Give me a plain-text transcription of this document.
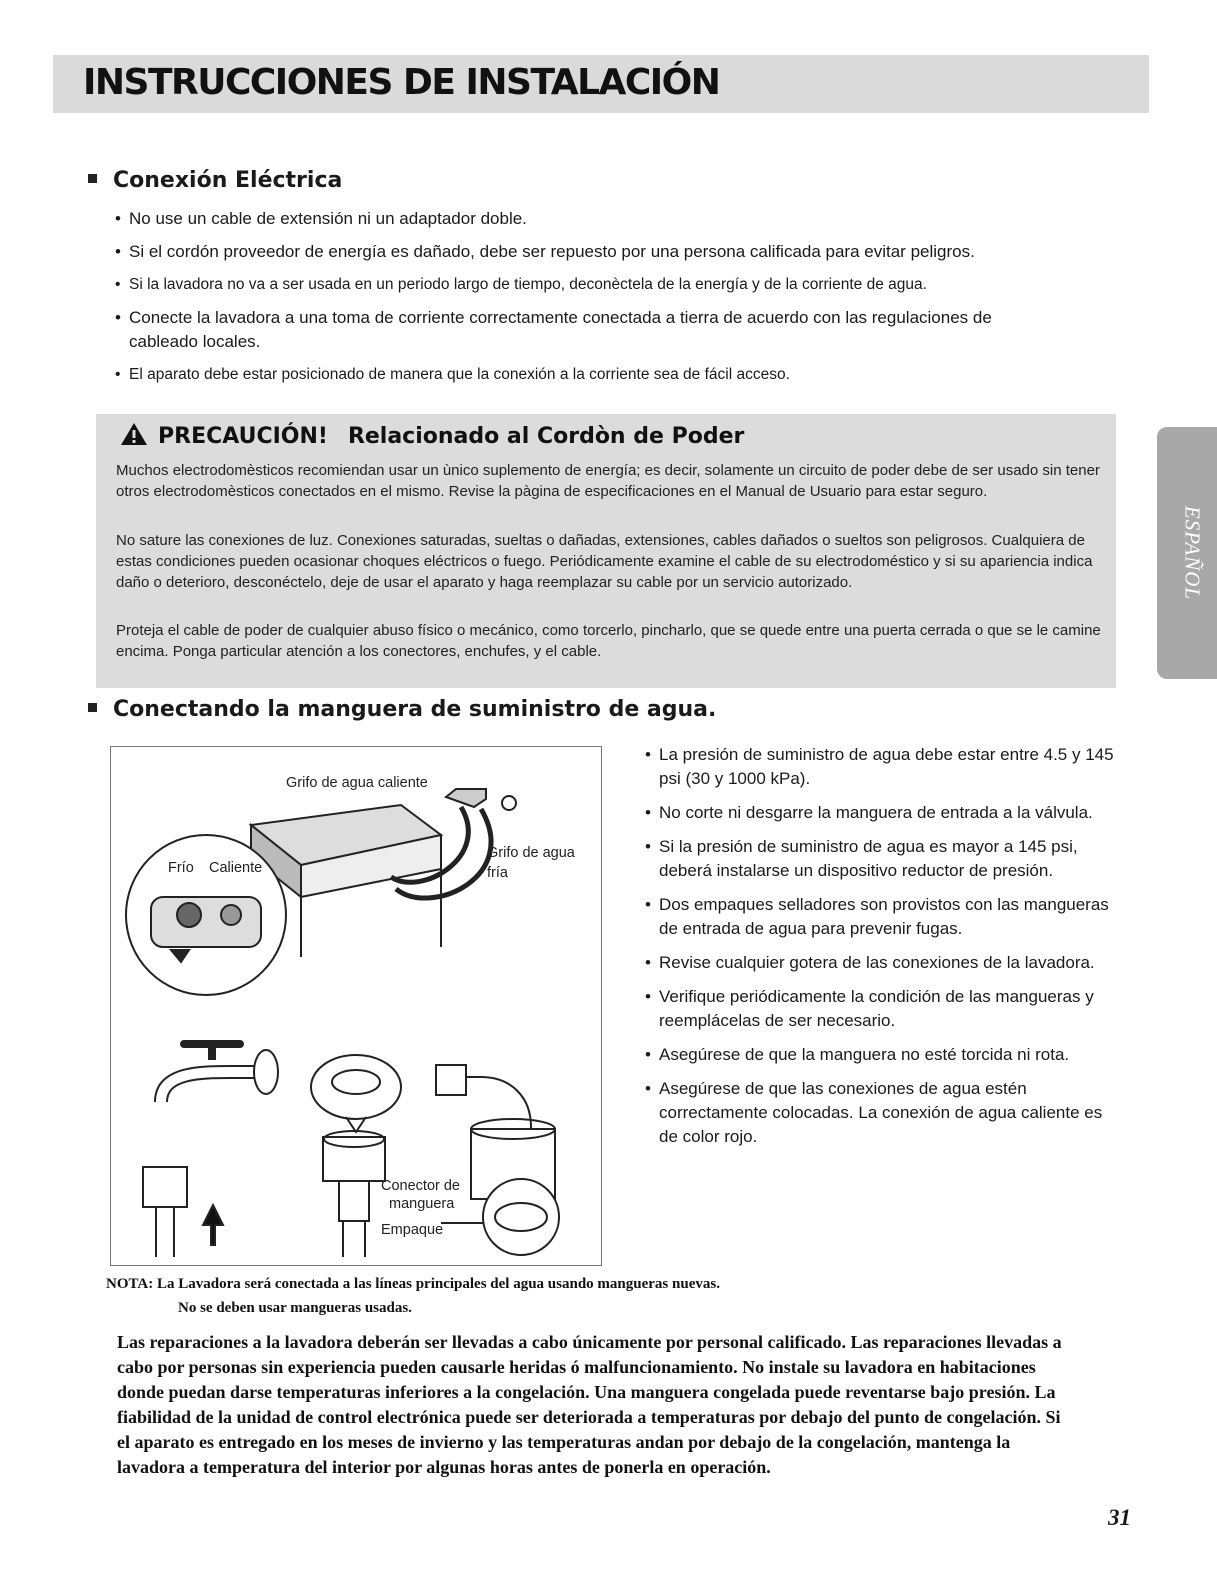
INSTRUCCIONES DE INSTALACIÓN
Conexión Eléctrica
• No use un cable de extensión ni un adaptador doble.
• Si el cordón proveedor de energía es dañado, debe ser repuesto por una persona calificada para evitar peligros.
• Si la lavadora no va a ser usada en un periodo largo de tiempo, deconèctela de la energía y de la corriente de agua.
• Conecte la lavadora a una toma de corriente correctamente conectada a tierra de acuerdo con las regulaciones de cableado locales.
• El aparato debe estar posicionado de manera que la conexión a la corriente sea de fácil acceso.
PRECAUCIÓN! Relacionado al Cordòn de Poder

Muchos electrodomèsticos recomiendan usar un ùnico suplemento de energía; es decir, solamente un circuito de poder debe de ser usado sin tener otros electrodomèsticos conectados en el mismo. Revise la pàgina de especificaciones en el Manual de Usuario para estar seguro.

No sature las conexiones de luz. Conexiones saturadas, sueltas o dañadas, extensiones, cables dañados o sueltos son peligrosos. Cualquiera de estas condiciones pueden ocasionar choques eléctricos o fuego. Periódicamente examine el cable de su electrodoméstico y si su apariencia indica daño o deterioro, desconéctelo, deje de usar el aparato y haga reemplazar su cable por un servicio autorizado.

Proteja el cable de poder de cualquier abuso físico o mecánico, como torcerlo, pincharlo, que se quede entre una puerta cerrada o que se le camine encima. Ponga particular atención a los conectores, enchufes, y el cable.

ESPAÑOL
Conectando la manguera de suministro de agua.
Grifo de agua caliente
Grifo de agua
fría
Frío Caliente
Conector de
manguera
Empaque
• La presión de suministro de agua debe estar entre 4.5 y 145 psi (30 y 1000 kPa).
• No corte ni desgarre la manguera de entrada a la válvula.
• Si la presión de suministro de agua es mayor a 145 psi, deberá instalarse un dispositivo reductor de presión.
• Dos empaques selladores son provistos con las mangueras de entrada de agua para prevenir fugas.
• Revise cualquier gotera de las conexiones de la lavadora.
• Verifique periódicamente la condición de las mangueras y reemplácelas de ser necesario.
• Asegúrese de que la manguera no esté torcida ni rota.
• Asegúrese de que las conexiones de agua estén correctamente colocadas. La conexión de agua caliente es de color rojo.

NOTA: La Lavadora será conectada a las líneas principales del agua usando mangueras nuevas.
No se deben usar mangueras usadas.

Las reparaciones a la lavadora deberán ser llevadas a cabo únicamente por personal calificado. Las reparaciones llevadas a cabo por personas sin experiencia pueden causarle heridas ó malfuncionamiento. No instale su lavadora en habitaciones donde puedan darse temperaturas inferiores a la congelación. Una manguera congelada puede reventarse bajo presión. La fiabilidad de la unidad de control electrónica puede ser deteriorada a temperaturas por debajo del punto de congelación. Si el aparato es entregado en los meses de invierno y las temperaturas andan por debajo de la congelación, mantenga la lavadora a temperatura del interior por algunas horas antes de ponerla en operación.

31
